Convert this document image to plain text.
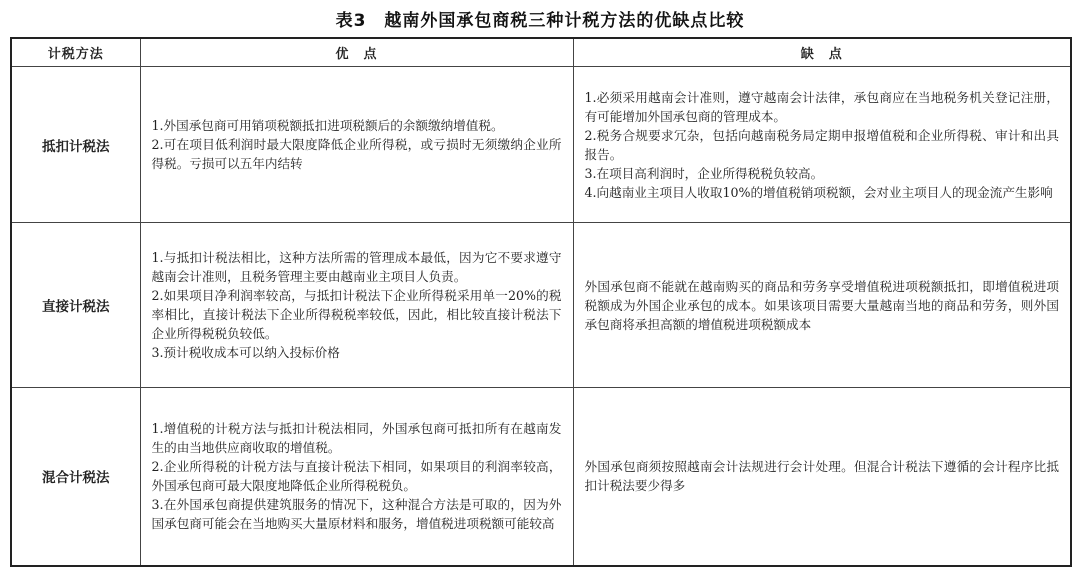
表3　越南外国承包商税三种计税方法的优缺点比较
计税方法	优　点	缺　点
抵扣计税法	1.外国承包商可用销项税额抵扣进项税额后的余额缴纳增值税。
2.可在项目低利润时最大限度降低企业所得税，或亏损时无须缴纳企业所得税。亏损可以五年内结转	1.必须采用越南会计准则，遵守越南会计法律，承包商应在当地税务机关登记注册，有可能增加外国承包商的管理成本。
2.税务合规要求冗杂，包括向越南税务局定期申报增值税和企业所得税、审计和出具报告。
3.在项目高利润时，企业所得税税负较高。
4.向越南业主项目人收取10%的增值税销项税额，会对业主项目人的现金流产生影响

直接计税法	1.与抵扣计税法相比，这种方法所需的管理成本最低，因为它不要求遵守越南会计准则，且税务管理主要由越南业主项目人负责。
2.如果项目净利润率较高，与抵扣计税法下企业所得税采用单一20%的税率相比，直接计税法下企业所得税税率较低，因此，相比较直接计税法下企业所得税税负较低。
3.预计税收成本可以纳入投标价格	外国承包商不能就在越南购买的商品和劳务享受增值税进项税额抵扣，即增值税进项税额成为外国企业承包的成本。如果该项目需要大量越南当地的商品和劳务，则外国承包商将承担高额的增值税进项税额成本

混合计税法	1.增值税的计税方法与抵扣计税法相同，外国承包商可抵扣所有在越南发生的由当地供应商收取的增值税。
2.企业所得税的计税方法与直接计税法下相同，如果项目的利润率较高，外国承包商可最大限度地降低企业所得税税负。
3.在外国承包商提供建筑服务的情况下，这种混合方法是可取的，因为外国承包商可能会在当地购买大量原材料和服务，增值税进项税额可能较高	外国承包商须按照越南会计法规进行会计处理。但混合计税法下遵循的会计程序比抵扣计税法要少得多
